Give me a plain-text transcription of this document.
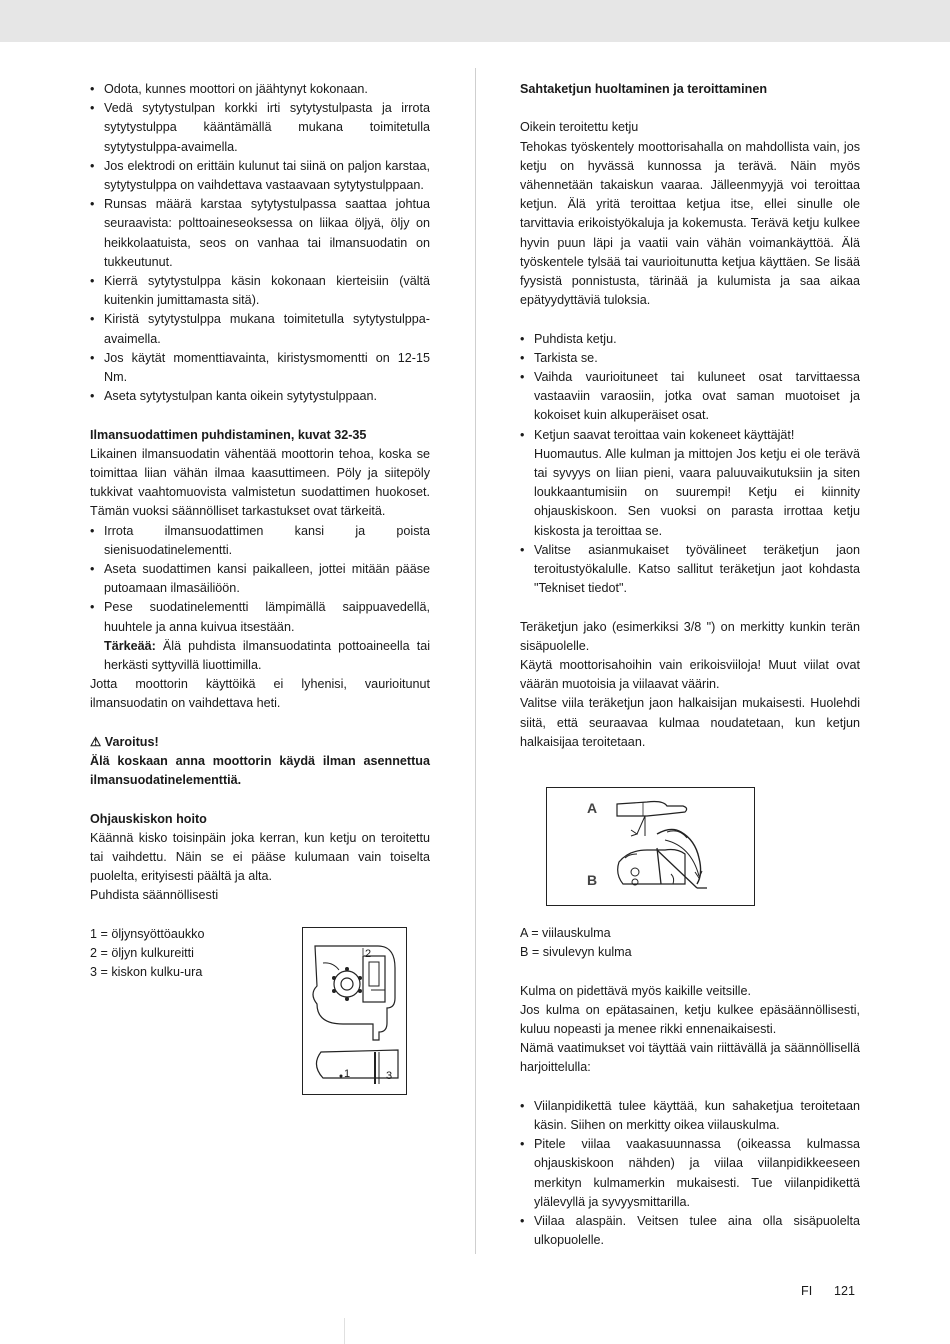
• Odota, kunnes moottori on jäähtynyt kokonaan.
• Vedä sytytystulpan korkki irti sytytystulpasta ja irrota sytytystulppa kääntämällä mukana toimitetulla sytytystulppa-avaimella.
• Jos elektrodi on erittäin kulunut tai siinä on paljon karstaa, sytytystulppa on vaihdettava vastaavaan sytytystulppaan.
• Runsas määrä karstaa sytytystulpassa saattaa johtua seuraavista: polttoaineseoksessa on liikaa öljyä, öljy on heikkolaatuista, seos on vanhaa tai ilmansuodatin on tukkeutunut.
• Kierrä sytytystulppa käsin kokonaan kierteisiin (vältä kuitenkin jumittamasta sitä).
• Kiristä sytytystulppa mukana toimitetulla sytytystulppa-avaimella.
• Jos käytät momenttiavainta, kiristysmomentti on 12-15 Nm.
• Aseta sytytystulpan kanta oikein sytytystulppaan.

Ilmansuodattimen puhdistaminen, kuvat 32-35

Likainen ilmansuodatin vähentää moottorin tehoa, koska se toimittaa liian vähän ilmaa kaasuttimeen. Pöly ja siitepöly tukkivat vaahtomuovista valmistetun suodattimen huokoset. Tämän vuoksi säännölliset tarkastukset ovat tärkeitä.

• Irrota ilmansuodattimen kansi ja poista sienisuodatinelementti.
• Aseta suodattimen kansi paikalleen, jottei mitään pääse putoamaan ilmasäiliöön.
• Pese suodatinelementti lämpimällä saippuavedellä, huuhtele ja anna kuivua itsestään.

Tärkeää: Älä puhdista ilmansuodatinta pottoaineella tai herkästi syttyvillä liuottimilla.

Jotta moottorin käyttöikä ei lyhenisi, vaurioitunut ilmansuodatin on vaihdettava heti.

⚠ Varoitus!

Älä koskaan anna moottorin käydä ilman asennettua ilmansuodatinelementtiä.

Ohjauskiskon hoito

Käännä kisko toisinpäin joka kerran, kun ketju on teroitettu tai vaihdettu. Näin se ei pääse kulumaan vain toiselta puolelta, erityisesti päältä ja alta.

Puhdista säännöllisesti

1 = öljynsyöttöaukko

2 = öljyn kulkureitti

3 = kiskon kulku-ura

2
1	3

Sahtaketjun huoltaminen ja teroittaminen

Oikein teroitettu ketju

Tehokas työskentely moottorisahalla on mahdollista vain, jos ketju on hyvässä kunnossa ja terävä. Näin myös vähennetään takaiskun vaaraa. Jälleenmyyjä voi teroittaa ketjun. Älä yritä teroittaa ketjua itse, ellei sinulle ole tarvittavia erikoistyökaluja ja kokemusta. Terävä ketju kulkee hyvin puun läpi ja vaatii vain vähän voimankäyttöä. Älä työskentele tylsää tai vaurioitunutta ketjua käyttäen. Se lisää fyysistä ponnistusta, tärinää ja kulumista ja saa aikaa epätyydyttäviä tuloksia.

• Puhdista ketju.
• Tarkista se.
• Vaihda vaurioituneet tai kuluneet osat tarvittaessa vastaaviin varaosiin, jotka ovat saman muotoiset ja kokoiset kuin alkuperäiset osat.
• Ketjun saavat teroittaa vain kokeneet käyttäjät!

Huomautus. Alle kulman ja mittojen Jos ketju ei ole terävä tai syvyys on liian pieni, vaara paluuvaikutuksiin ja siten loukkaantumisiin on suurempi! Ketju ei kiinnity ohjauskiskoon. Sen vuoksi on parasta irrottaa ketju kiskosta ja teroittaa se.

• Valitse asianmukaiset työvälineet teräketjun jaon teroitustyökalulle. Katso sallitut teräketjun jaot kohdasta "Tekniset tiedot".

Teräketjun jako (esimerkiksi 3/8 ") on merkitty kunkin terän sisäpuolelle.

Käytä moottorisahoihin vain erikoisviiloja! Muut viilat ovat väärän muotoisia ja viilaavat väärin.

Valitse viila teräketjun jaon halkaisijan mukaisesti. Huolehdi siitä, että seuraavaa kulmaa noudatetaan, kun ketjun halkaisijaa teroitetaan.

A
B

A = viilauskulma

B = sivulevyn kulma

Kulma on pidettävä myös kaikille veitsille.

Jos kulma on epätasainen, ketju kulkee epäsäännöllisesti, kuluu nopeasti ja menee rikki ennenaikaisesti.

Nämä vaatimukset voi täyttää vain riittävällä ja säännöllisellä harjoittelulla:

• Viilanpidikettä tulee käyttää, kun sahaketjua teroitetaan käsin. Siihen on merkitty oikea viilauskulma.
• Pitele viilaa vaakasuunnassa (oikeassa kulmassa ohjauskiskoon nähden) ja viilaa viilanpidikkeeseen merkityn kulmamerkin mukaisesti. Tue viilanpidikettä ylälevyllä ja syvyysmittarilla.
• Viilaa alaspäin. Veitsen tulee aina olla sisäpuolelta ulkopuolelle.
FI 121
